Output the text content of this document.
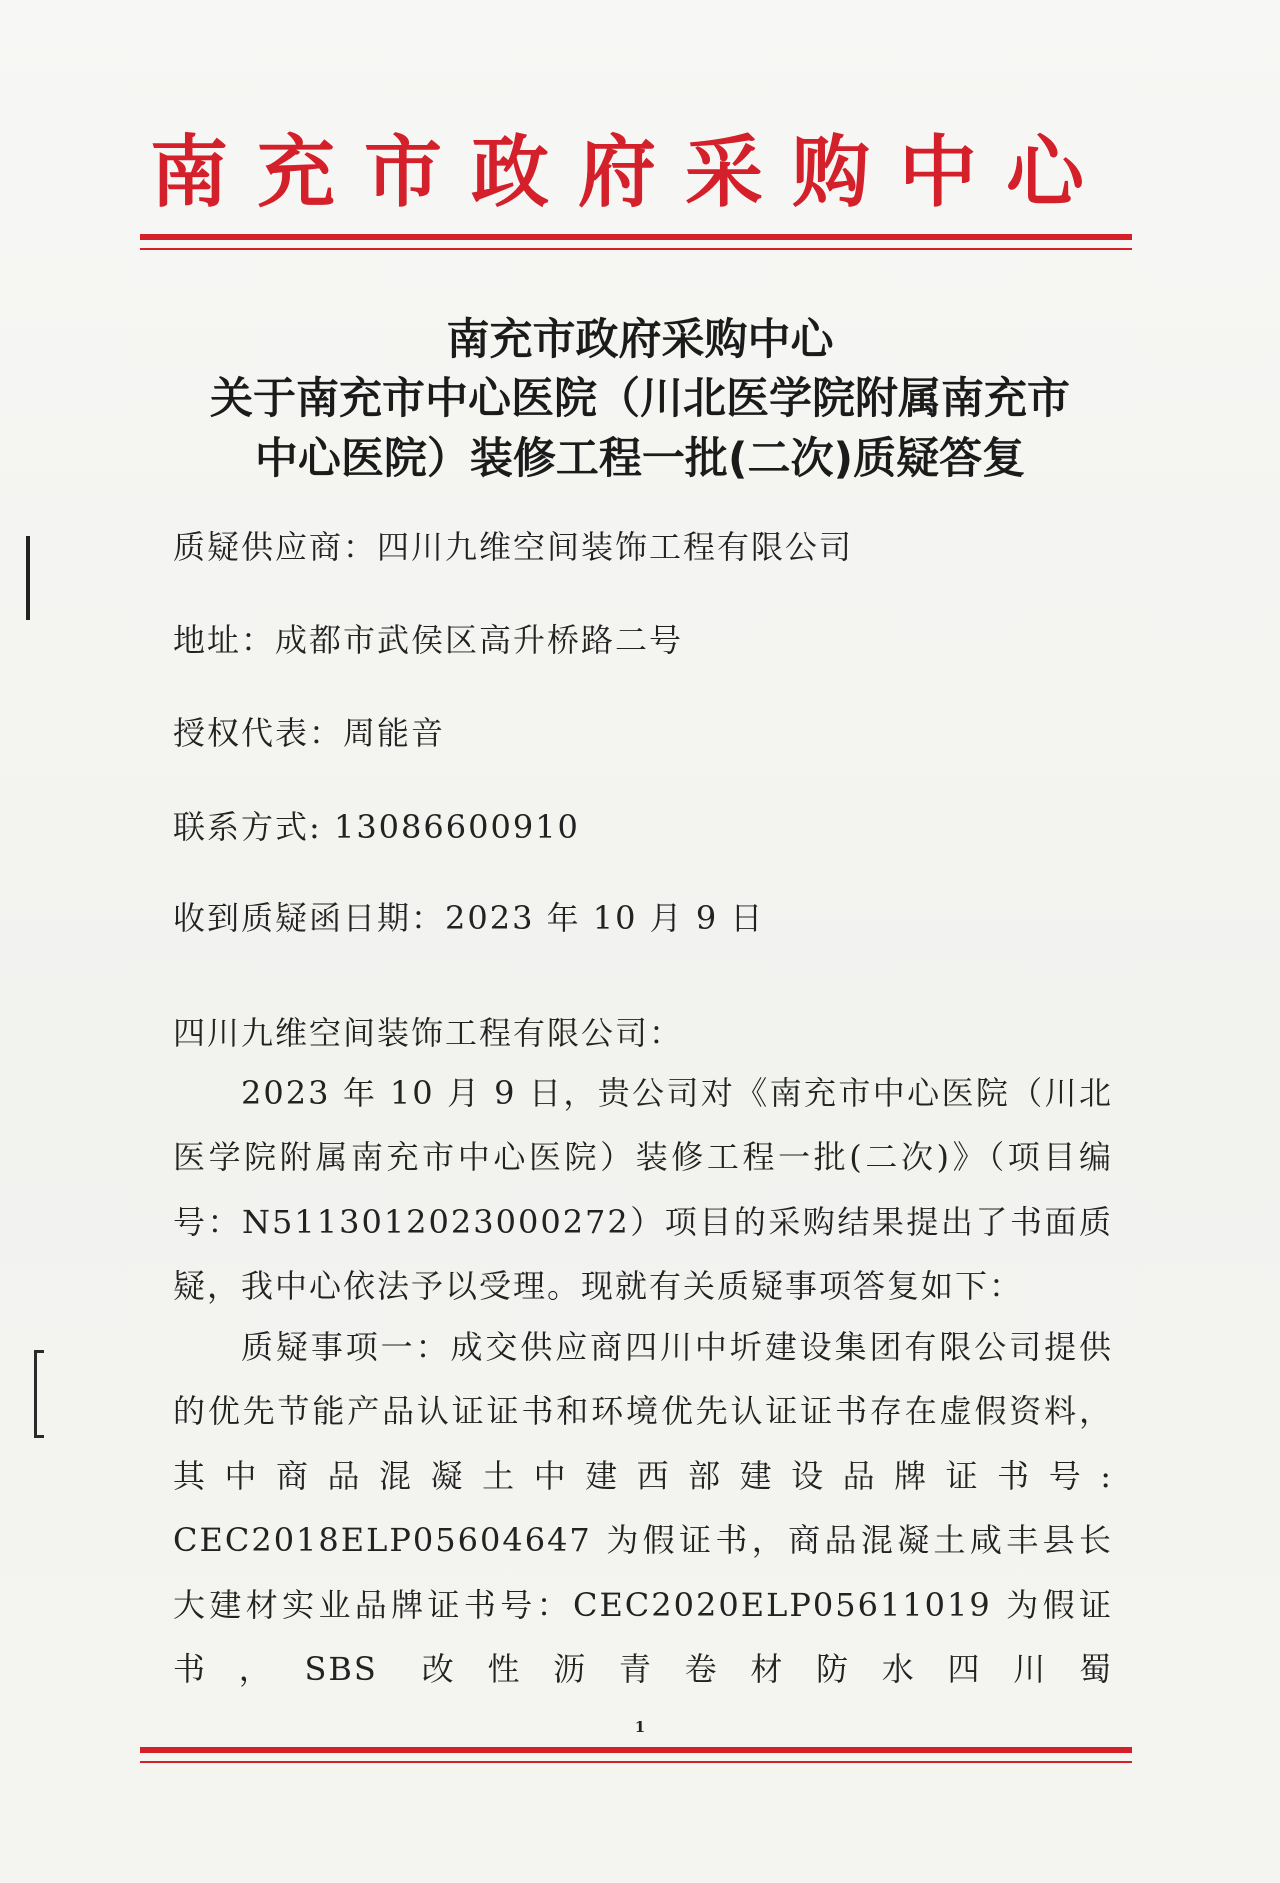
南充市政府采购中心
南充市政府采购中心
关于南充市中心医院（川北医学院附属南充市
中心医院）装修工程一批(二次)质疑答复
质疑供应商：四川九维空间装饰工程有限公司
地址：成都市武侯区高升桥路二号
授权代表：周能音
联系方式: 13086600910
收到质疑函日期：2023 年 10 月 9 日
四川九维空间装饰工程有限公司：
2023 年 10 月 9 日，贵公司对《南充市中心医院（川北医学院附属南充市中心医院）装修工程一批(二次)》（项目编号：N5113012023000272）项目的采购结果提出了书面质疑，我中心依法予以受理。现就有关质疑事项答复如下：
质疑事项一：成交供应商四川中圻建设集团有限公司提供的优先节能产品认证证书和环境优先认证证书存在虚假资料，其中商品混凝土中建西部建设品牌证书号: CEC2018ELP05604647 为假证书，商品混凝土咸丰县长大建材实业品牌证书号：CEC2020ELP05611019 为假证书，SBS 改性沥青卷材防水四川蜀
1
